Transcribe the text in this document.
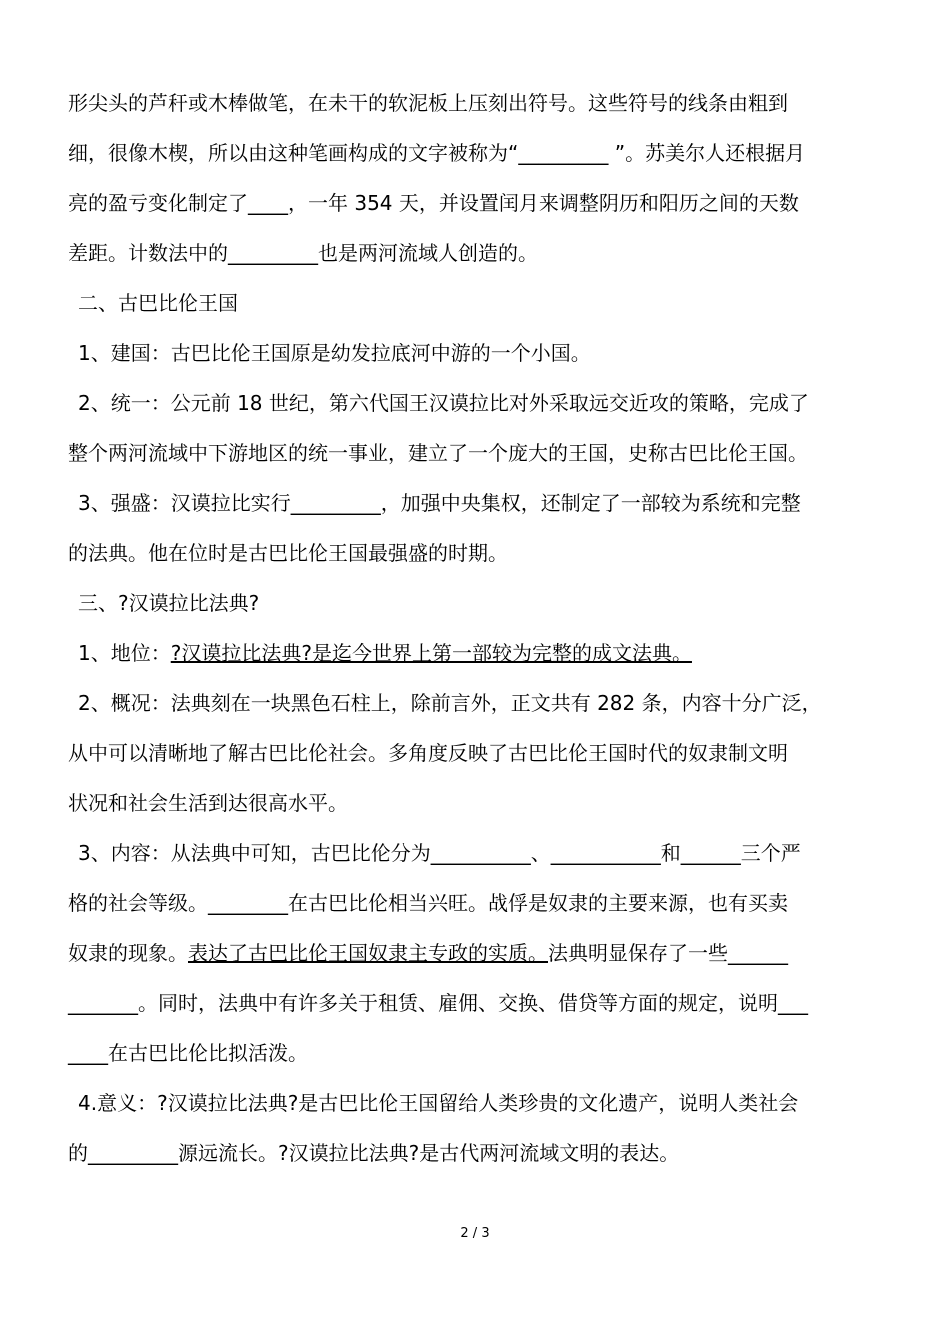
形尖头的芦秆或木棒做笔，在未干的软泥板上压刻出符号。这些符号的线条由粗到
细，很像木楔，所以由这种笔画构成的文字被称为“_________ ”。苏美尔人还根据月
亮的盈亏变化制定了____，一年 354 天，并设置闰月来调整阴历和阳历之间的天数
差距。计数法中的_________也是两河流域人创造的。

二、古巴比伦王国

1、建国：古巴比伦王国原是幼发拉底河中游的一个小国。

2、统一：公元前 18 世纪，第六代国王汉谟拉比对外采取远交近攻的策略，完成了
整个两河流域中下游地区的统一事业，建立了一个庞大的王国，史称古巴比伦王国。

3、强盛：汉谟拉比实行_________，加强中央集权，还制定了一部较为系统和完整
的法典。他在位时是古巴比伦王国最强盛的时期。

三、?汉谟拉比法典?

1、地位：?汉谟拉比法典?是迄今世界上第一部较为完整的成文法典。

2、概况：法典刻在一块黑色石柱上，除前言外，正文共有 282 条，内容十分广泛，
从中可以清晰地了解古巴比伦社会。多角度反映了古巴比伦王国时代的奴隶制文明
状况和社会生活到达很高水平。

3、内容：从法典中可知，古巴比伦分为__________、___________和______三个严
格的社会等级。________在古巴比伦相当兴旺。战俘是奴隶的主要来源，也有买卖
奴隶的现象。表达了古巴比伦王国奴隶主专政的实质。法典明显保存了一些______
_______。同时，法典中有许多关于租赁、雇佣、交换、借贷等方面的规定，说明___
____在古巴比伦比拟活泼。

4.意义：?汉谟拉比法典?是古巴比伦王国留给人类珍贵的文化遗产，说明人类社会
的_________源远流长。?汉谟拉比法典?是古代两河流域文明的表达。

2 / 3
